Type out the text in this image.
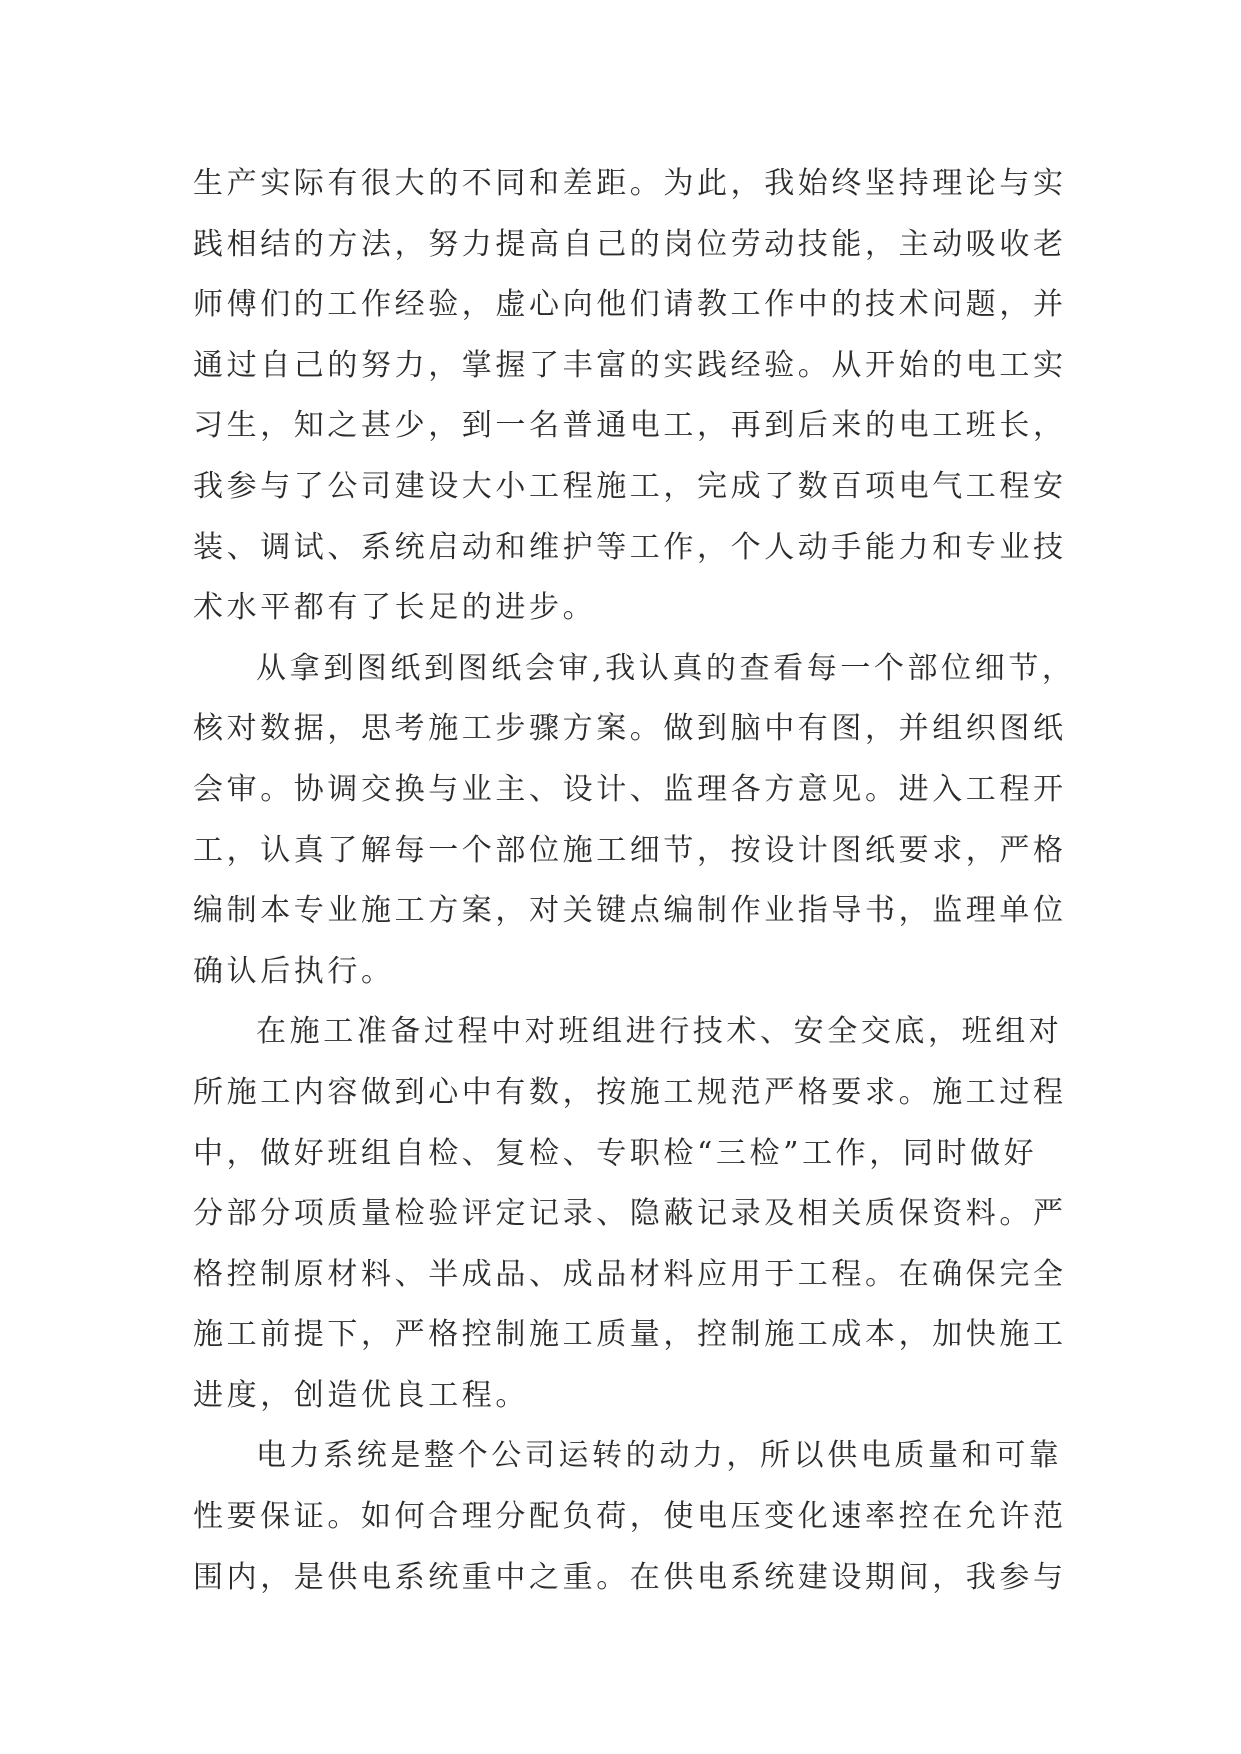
生产实际有很大的不同和差距。为此，我始终坚持理论与实
践相结的方法，努力提高自己的岗位劳动技能，主动吸收老
师傅们的工作经验，虚心向他们请教工作中的技术问题，并
通过自己的努力，掌握了丰富的实践经验。从开始的电工实
习生，知之甚少，到一名普通电工，再到后来的电工班长，
我参与了公司建设大小工程施工，完成了数百项电气工程安
装、调试、系统启动和维护等工作，个人动手能力和专业技
术水平都有了长足的进步。
从拿到图纸到图纸会审,我认真的查看每一个部位细节，
核对数据，思考施工步骤方案。做到脑中有图，并组织图纸
会审。协调交换与业主、设计、监理各方意见。进入工程开
工，认真了解每一个部位施工细节，按设计图纸要求，严格
编制本专业施工方案，对关键点编制作业指导书，监理单位
确认后执行。
在施工准备过程中对班组进行技术、安全交底，班组对
所施工内容做到心中有数，按施工规范严格要求。施工过程
中，做好班组自检、复检、专职检“三检”工作，同时做好
分部分项质量检验评定记录、隐蔽记录及相关质保资料。严
格控制原材料、半成品、成品材料应用于工程。在确保完全
施工前提下，严格控制施工质量，控制施工成本，加快施工
进度，创造优良工程。
电力系统是整个公司运转的动力，所以供电质量和可靠
性要保证。如何合理分配负荷，使电压变化速率控在允许范
围内，是供电系统重中之重。在供电系统建设期间，我参与
